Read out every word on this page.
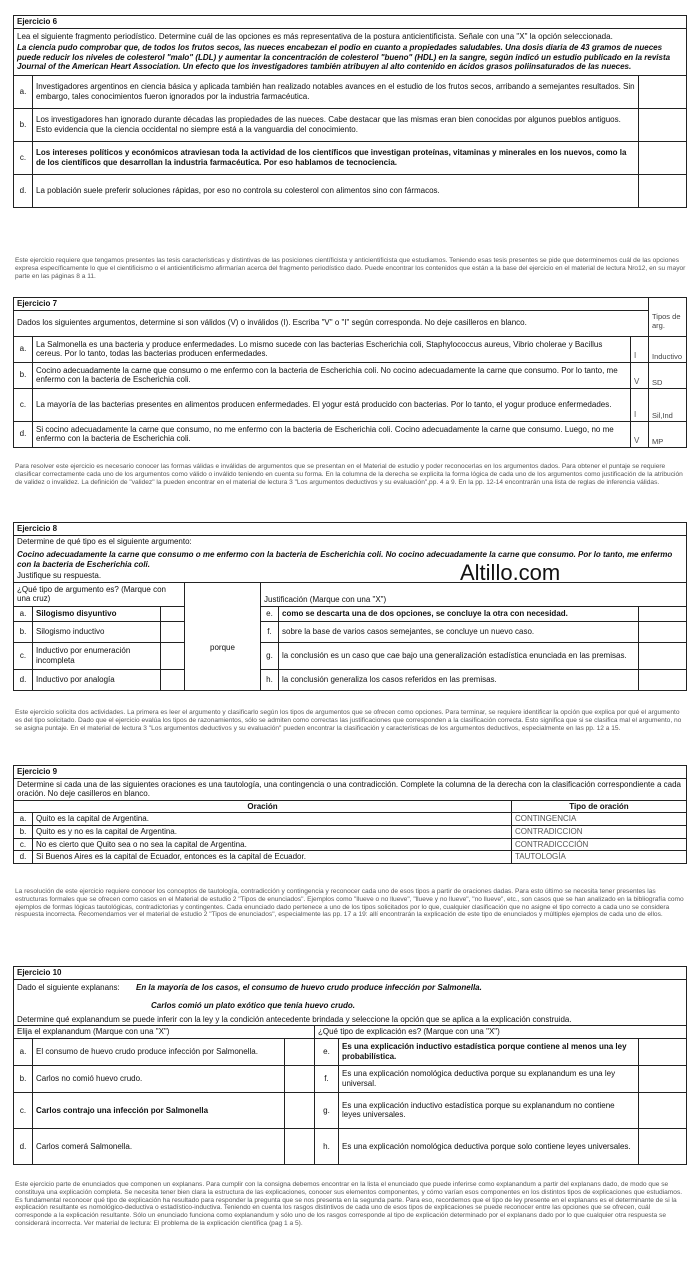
Ejercicio 6		
Lea el siguiente fragmento periodístico. Determine cuál de las opciones es más representativa de la postura anticientificista. Señale con una "X" la opción seleccionada.		
La ciencia pudo comprobar que, de todos los frutos secos, las nueces encabezan el podio en cuanto a propiedades saludables. Una dosis diaria de 43 gramos de nueces puede reducir los niveles de colesterol "malo" (LDL) y aumentar la concentración de colesterol "bueno" (HDL) en la sangre, según indicó un estudio publicado en la revista Journal of the American Heart Association. Un efecto que los investigadores también atribuyen al alto contenido en ácidos grasos poliinsaturados de las nueces.		
a.	Investigadores argentinos en ciencia básica y aplicada también han realizado notables avances en el estudio de los frutos secos, arribando a semejantes resultados. Sin embargo, tales conocimientos fueron ignorados por la industria farmacéutica.	
b.	Los investigadores han ignorado durante décadas las propiedades de las nueces. Cabe destacar que las mismas eran bien conocidas por algunos pueblos antiguos. Esto evidencia que la ciencia occidental no siempre está a la vanguardia del conocimiento.	
c.	Los intereses políticos y económicos atraviesan toda la actividad de los científicos que investigan proteínas, vitaminas y minerales en los nuevos, como la de los científicos que desarrollan la industria farmacéutica. Por eso hablamos de tecnociencia.	
d.	La población suele preferir soluciones rápidas, por eso no controla su colesterol con alimentos sino con fármacos.	
Este ejercicio requiere que tengamos presentes las tesis características y distintivas de las posiciones científicista y anticientificista que estudiamos. Teniendo esas tesis presentes se pide que determinemos cuál de las opciones expresa específicamente lo que el cientificismo o el anticientificismo afirmarían acerca del fragmento periodístico dado. Puede encontrar los contenidos que están a la base del ejercicio en el material de lectura Nro12, en su mayor parte en las páginas 8 a 11.
Ejercicio 7			Tipos de arg.
Dados los siguientes argumentos, determine si son válidos (V) o inválidos (I). Escriba "V" o "I" según corresponda. No deje casilleros en blanco.			
a.	La Salmonella es una bacteria y produce enfermedades. Lo mismo sucede con las bacterias Escherichia coli, Staphylococcus aureus, Vibrio cholerae y Bacillus cereus. Por lo tanto, todas las bacterias producen enfermedades.	I	Inductivo
b.	Cocino adecuadamente la carne que consumo o me enfermo con la bacteria de Escherichia coli. No cocino adecuadamente la carne que consumo. Por lo tanto, me enfermo con la bacteria de Escherichia coli.	V	SD
c.	La mayoría de las bacterias presentes en alimentos producen enfermedades. El yogur está producido con bacterias. Por lo tanto, el yogur produce enfermedades.	I	Sil,Ind
d.	Si cocino adecuadamente la carne que consumo, no me enfermo con la bacteria de Escherichia coli. Cocino adecuadamente la carne que consumo. Luego, no me enfermo con la bacteria de Escherichia coli.	V	MP
Para resolver este ejercicio es necesario conocer las formas válidas e inválidas de argumentos que se presentan en el Material de estudio y poder reconocerlas en los argumentos dados. Para obtener el puntaje se requiere clasificar correctamente cada uno de los argumentos como válido o inválido teniendo en cuenta su forma. En la columna de la derecha se explicita la forma lógica de cada uno de los argumentos como justificación de la atribución de validez o invalidez. La definición de "validez" la pueden encontrar en el material de lectura 3 "Los argumentos deductivos y su evaluación",pp. 4 a 9. En la pp. 12-14 encontrarán una lista de reglas de inferencia válidas.
Ejercicio 8						
Determine de qué tipo es el siguiente argumento:						
Cocino adecuadamente la carne que consumo o me enfermo con la bacteria de Escherichia coli. No cocino adecuadamente la carne que consumo. Por lo tanto, me enfermo con la bacteria de Escherichia coli.						
Justifique su respuesta.						
¿Qué tipo de argumento es? (Marque con una cruz)				Justificación (Marque con una "X")		
a.	Silogismo disyuntivo		porque	e.	como se descarta una de dos opciones, se concluye la otra con necesidad.	
b.	Silogismo inductivo			f.	sobre la base de varios casos semejantes, se concluye un nuevo caso.	
c.	Inductivo por enumeración incompleta			g.	la conclusión es un caso que cae bajo una generalización estadística enunciada en las premisas.	
d.	Inductivo por analogía			h.	la conclusión generaliza los casos referidos en las premisas.	
Altillo.com
Este ejercicio solicita dos actividades. La primera es leer el argumento y clasificarlo según los tipos de argumentos que se ofrecen como opciones. Para terminar, se requiere identificar la opción que explica por qué el argumento es del tipo solicitado. Dado que el ejercicio evalúa los tipos de razonamientos, sólo se admiten como correctas las justificaciones que corresponden a la clasificación correcta. Esto significa que si se clasifica mal el argumento, no se asigna puntaje. En el material de lectura 3 "Los argumentos deductivos y su evaluación" pueden encontrar la clasificación y características de los argumentos deductivos, especialmente en las pp. 12 a 15.
Ejercicio 9		
Determine si cada una de las siguientes oraciones es una tautología, una contingencia o una contradicción. Complete la columna de la derecha con la clasificación correspondiente a cada oración. No deje casilleros en blanco.		
Oración		Tipo de oración
a.	Quito es la capital de Argentina.	CONTINGENCIA
b.	Quito es y no es la capital de Argentina.	CONTRADICCION
c.	No es cierto que Quito sea o no sea la capital de Argentina.	CONTRADICCCIÓN
d.	Si Buenos Aires es la capital de Ecuador, entonces es la capital de Ecuador.	TAUTOLOGÍA
La resolución de este ejercicio requiere conocer los conceptos de tautología, contradicción y contingencia y reconocer cada uno de esos tipos a partir de oraciones dadas. Para esto último se necesita tener presentes las estructuras formales que se ofrecen como casos en el Material de estudio 2 "Tipos de enunciados". Ejemplos como "llueve o no llueve", "llueve y no llueve", "no llueve", etc., son casos que se han analizado en la bibliografía como ejemplos de formas lógicas tautológicas, contradictorias y contingentes. Cada enunciado dado pertenece a uno de los tipos solicitados por lo que, cualquier clasificación que no asigne el tipo correcto a cada uno se considera respuesta incorrecta. Recomendamos ver el material de estudio 2 "Tipos de enunciados", especialmente las pp. 17 a 19: allí encontrarán la explicación de este tipo de enunciados y múltiples ejemplos de cada uno de ellos.
Ejercicio 10					
Dado el siguiente explanans: En la mayoría de los casos, el consumo de huevo crudo produce infección por Salmonella.					
Carlos comió un plato exótico que tenía huevo crudo.					
Determine qué explanandum se puede inferir con la ley y la condición antecedente brindada y seleccione la opción que se aplica a la explicación construida.					
Elija el explanandum (Marque con una "X")			¿Qué tipo de explicación es? (Marque con una "X")		
a.	El consumo de huevo crudo produce infección por Salmonella.		e.	Es una explicación inductivo estadística porque contiene al menos una ley probabilística.	
b.	Carlos no comió huevo crudo.		f.	Es una explicación nomológica deductiva porque su explanandum es una ley universal.	
c.	Carlos contrajo una infección por Salmonella		g.	Es una explicación inductivo estadística porque su explanandum no contiene leyes universales.	
d.	Carlos comerá Salmonella.		h.	Es una explicación nomológica deductiva porque solo contiene leyes universales.	
Este ejercicio parte de enunciados que componen un explanans. Para cumplir con la consigna debemos encontrar en la lista el enunciado que puede inferirse como explanandum a partir del explanans dado, de modo que se constituya una explicación completa. Se necesita tener bien clara la estructura de las explicaciones, conocer sus elementos componentes, y cómo varían esos componentes en los distintos tipos de explicaciones que estudiamos. Es fundamental reconocer qué tipo de explicación ha resultado para responder la pregunta que se nos presenta en la segunda parte. Para eso, recordemos que el tipo de ley presente en el explanans es el determinante de si la explicación resultante es nomológico-deductiva o estadístico-inductiva. Teniendo en cuenta los rasgos distintivos de cada uno de esos tipos de explicaciones se puede reconocer entre las opciones que se ofrecen, cuál corresponde a la explicación resultante. Sólo un enunciado funciona como explanandum y sólo uno de los rasgos corresponde al tipo de explicación determinado por el explanans dado por lo que cualquier otra respuesta se considerará incorrecta. Ver material de lectura: El problema de la explicación científica (pag 1 a 5).
